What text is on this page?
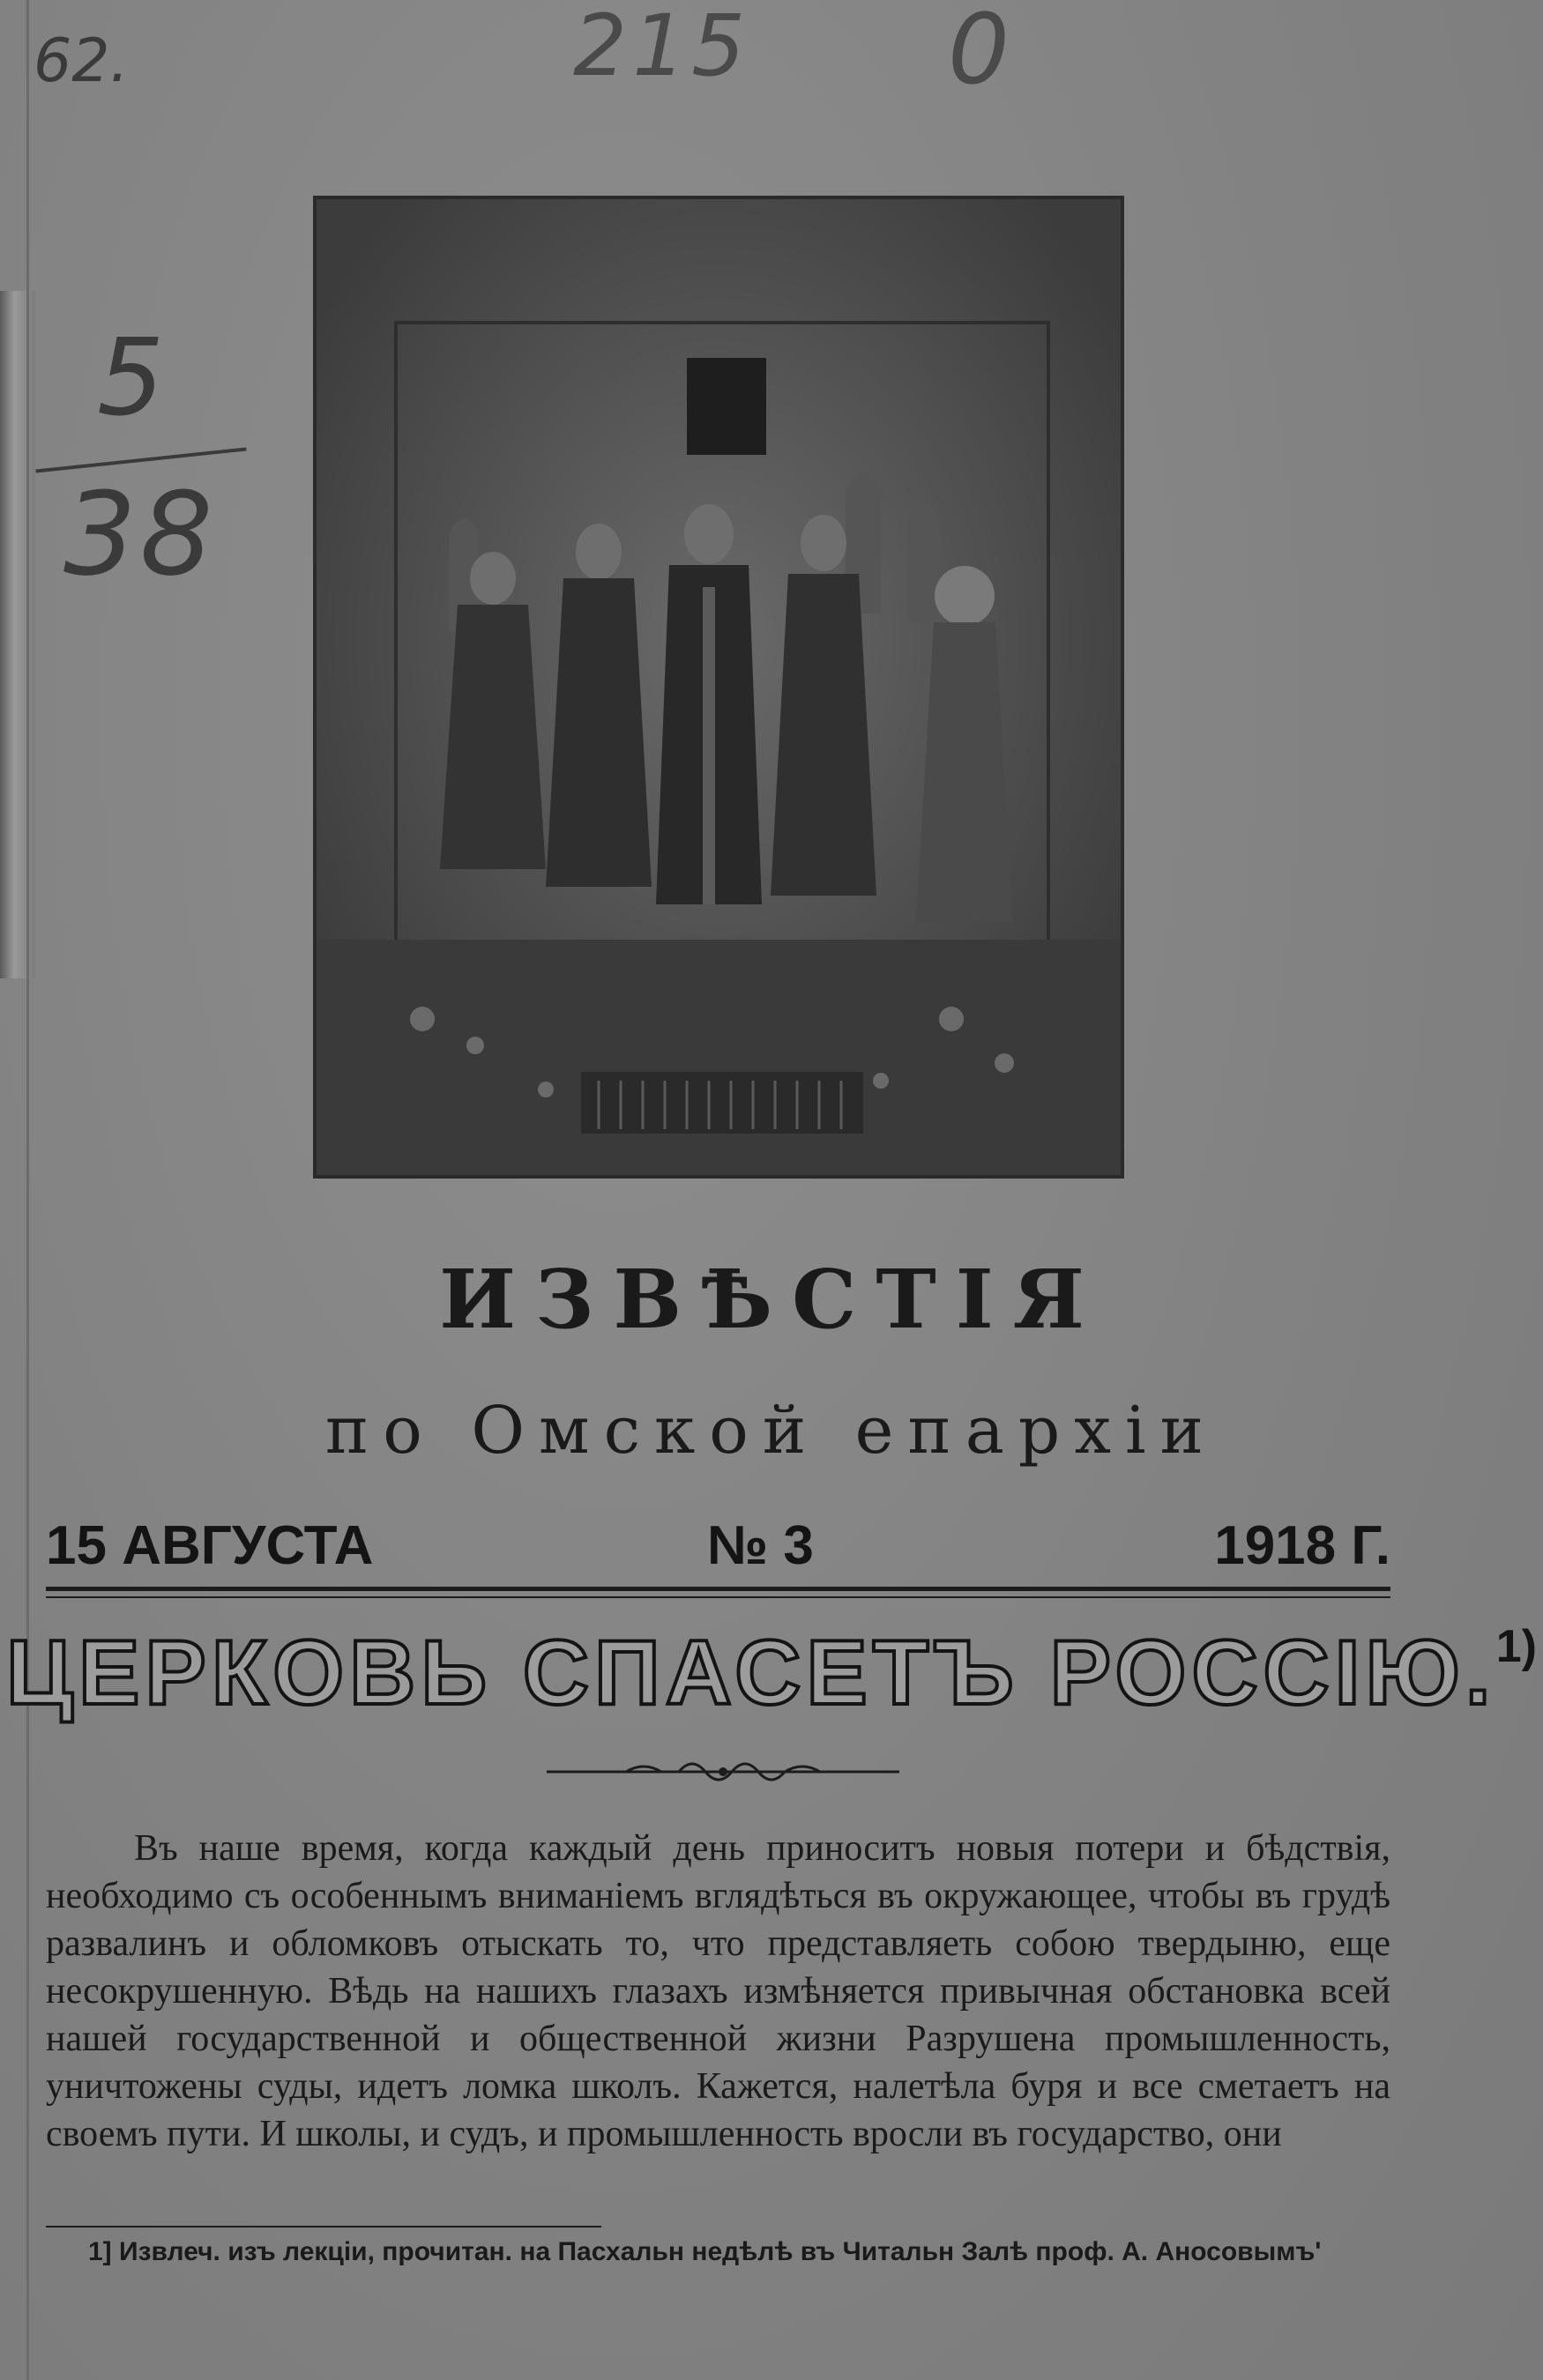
62.	215 0
5
38
ИЗВѢСТІЯ
по Омской епархіи
15 АВГУСТА	№ 3	1918 Г.
ЦЕРКОВЬ СПАСЕТЪ РОССІЮ.$^{1)}$

Въ наше время, когда каждый день приноситъ новыя потери и бѣдствія, необходимо съ особеннымъ вниманіемъ вглядѣться въ окружающее, чтобы въ грудѣ развалинъ и обломковъ отыскать то, что представляеть собою твердыню, еще несокрушенную. Вѣдь на нашихъ глазахъ измѣняется привычная обстановка всей нашей государственной и общественной жизни Разрушена промышленность, уничтожены суды, идетъ ломка школъ. Кажется, налетѣла буря и все сметаетъ на своемъ пути. И школы, и судъ, и промышленность вросли въ государство, они

1] Извлеч. изъ лекціи, прочитан. на Пасхальн недѣлѣ въ Читальн Залѣ проф. А. Аносовымъ'
